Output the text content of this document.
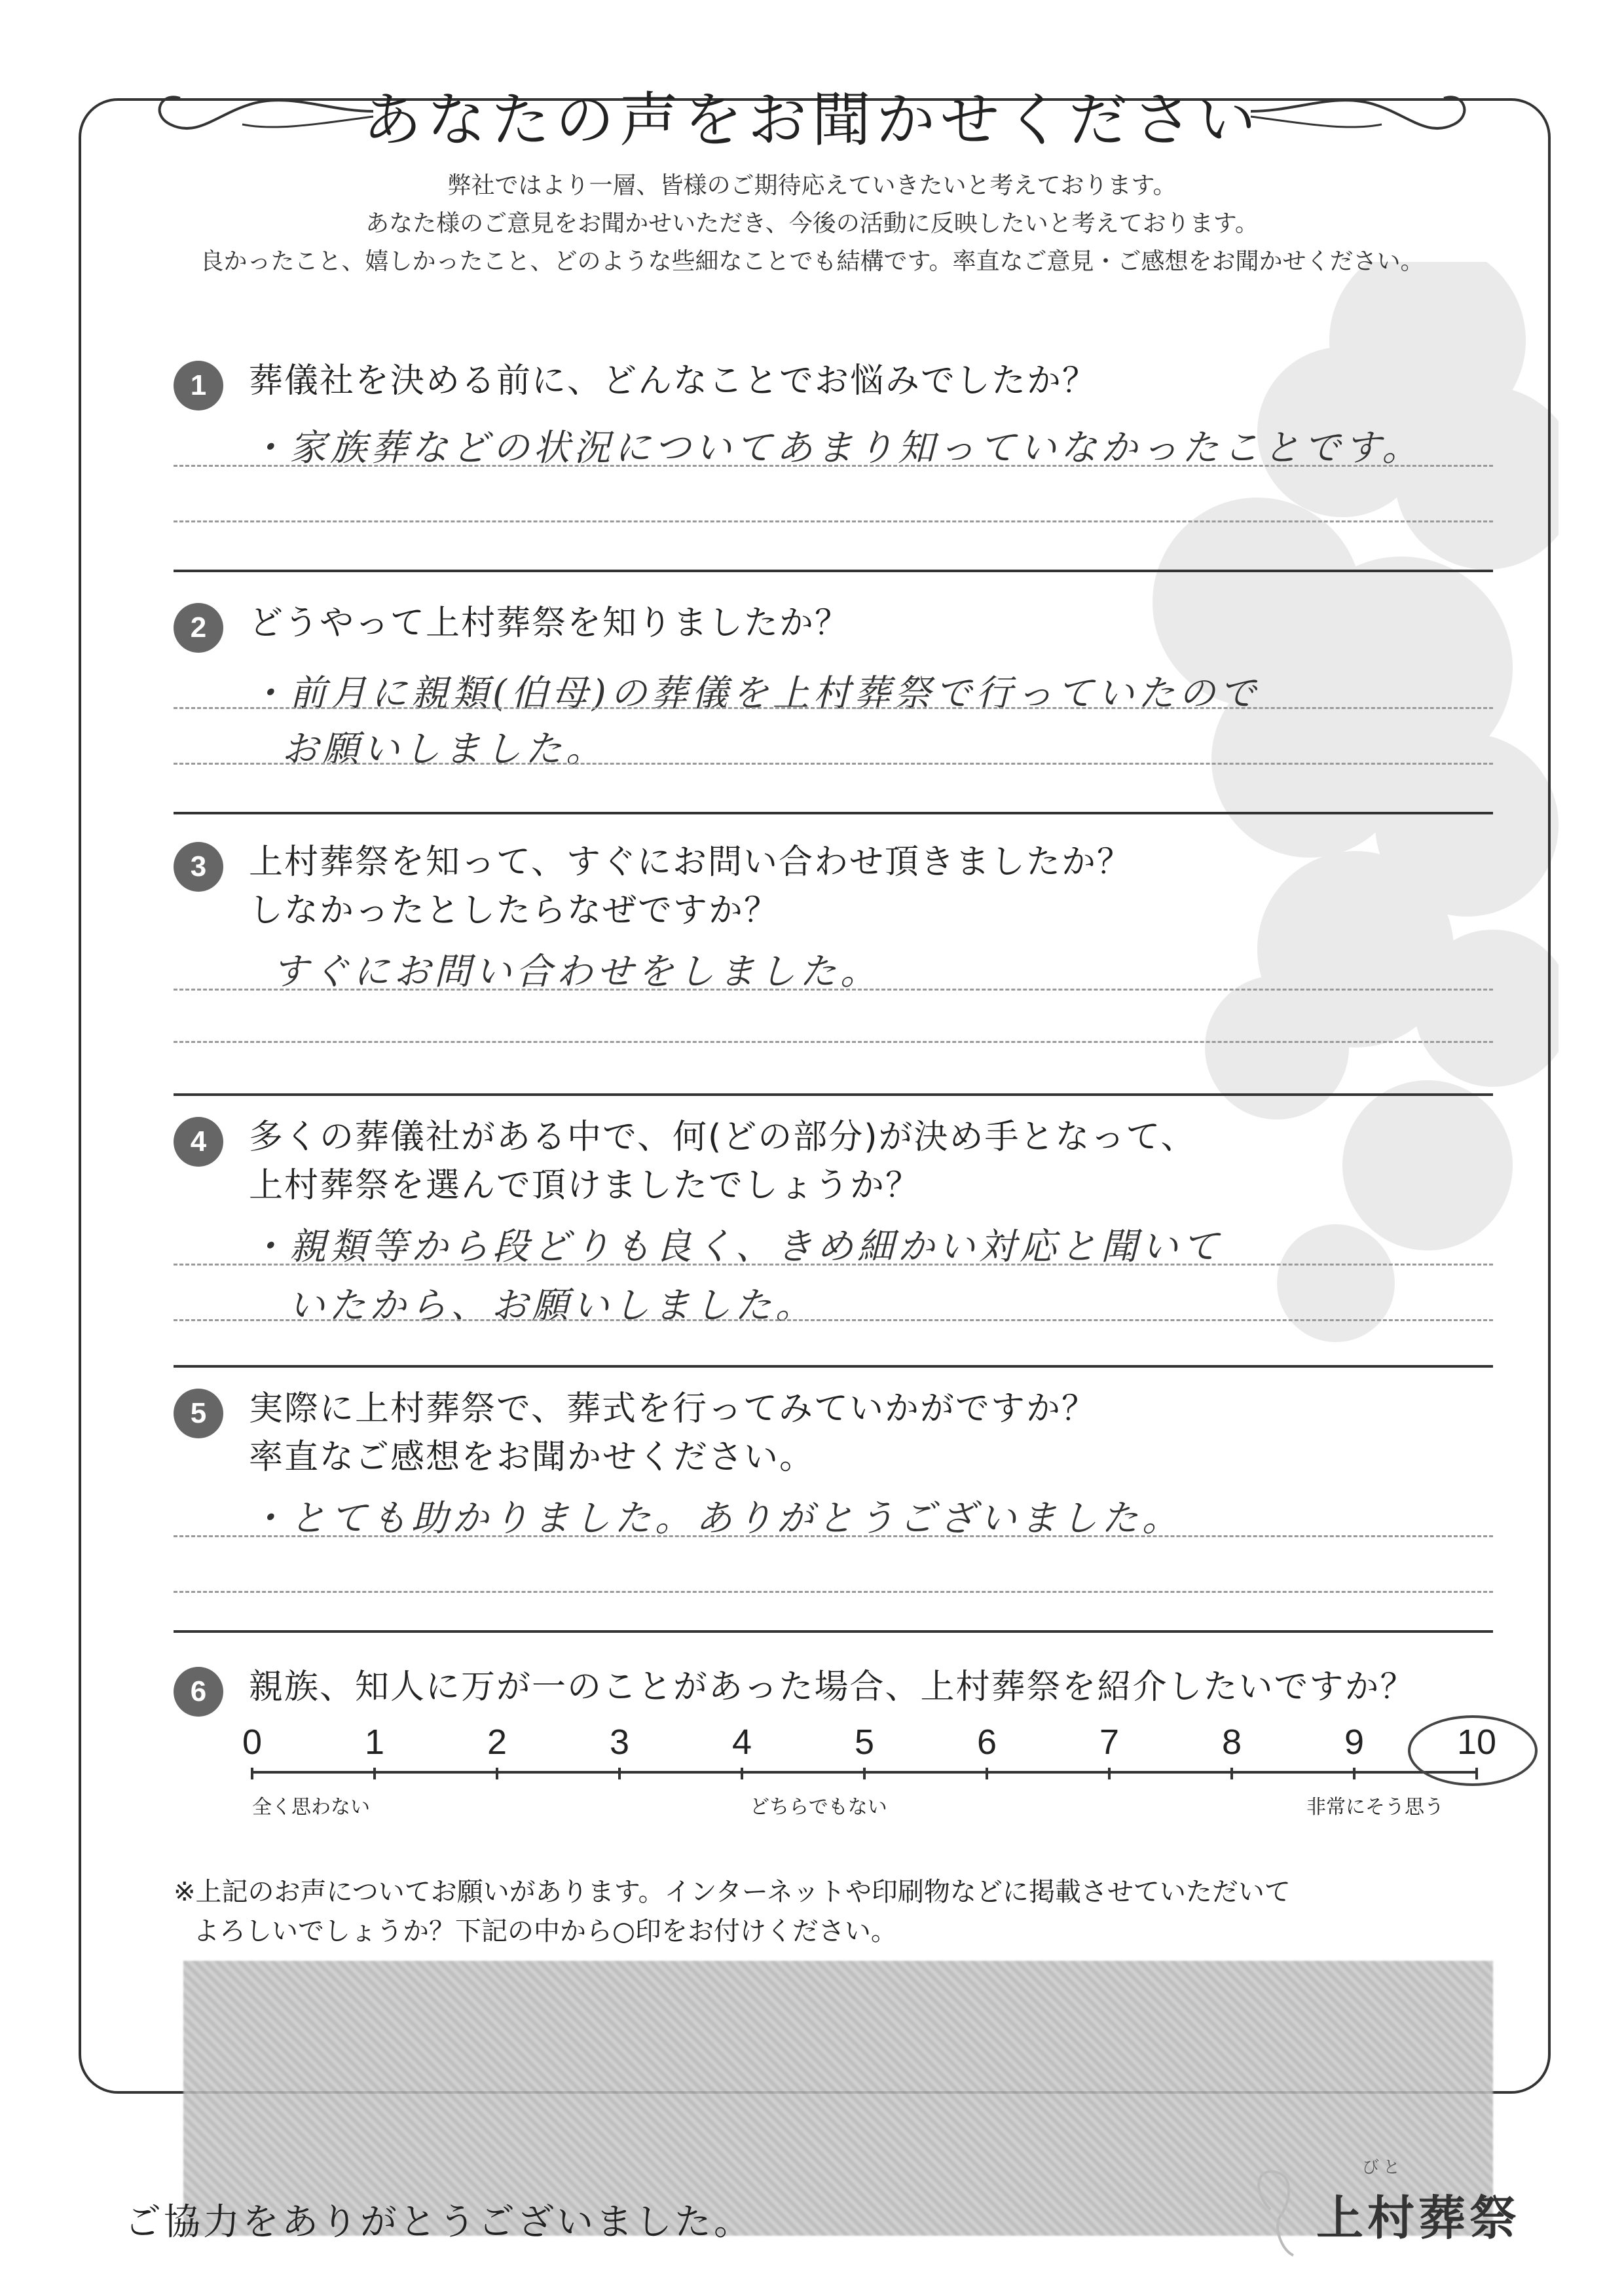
あなたの声をお聞かせください
弊社ではより一層、皆様のご期待応えていきたいと考えております。
あなた様のご意見をお聞かせいただき、今後の活動に反映したいと考えております。
良かったこと、嬉しかったこと、どのような些細なことでも結構です。率直なご意見・ご感想をお聞かせください。
1	葬儀社を決める前に、どんなことでお悩みでしたか？
・家族葬などの状況についてあまり知っていなかったことです。
2	どうやって上村葬祭を知りましたか？
・前月に親類(伯母)の葬儀を上村葬祭で行っていたので
お願いしました。
3	上村葬祭を知って、すぐにお問い合わせ頂きましたか？
しなかったとしたらなぜですか？
すぐにお問い合わせをしました。
4	多くの葬儀社がある中で、何(どの部分)が決め手となって、
上村葬祭を選んで頂けましたでしょうか？
・親類等から段どりも良く、きめ細かい対応と聞いて
いたから、お願いしました。
5	実際に上村葬祭で、葬式を行ってみていかがですか？
率直なご感想をお聞かせください。
・とても助かりました。ありがとうございました。
6	親族、知人に万が一のことがあった場合、上村葬祭を紹介したいですか？
0	1	2	3	4	5	6	7	8	9	10
全く思わない	どちらでもない	非常にそう思う
※上記のお声についてお願いがあります。インターネットや印刷物などに掲載させていただいて
よろしいでしょうか？下記の中から○印をお付けください。
ご協力をありがとうございました。
びと
上村葬祭
